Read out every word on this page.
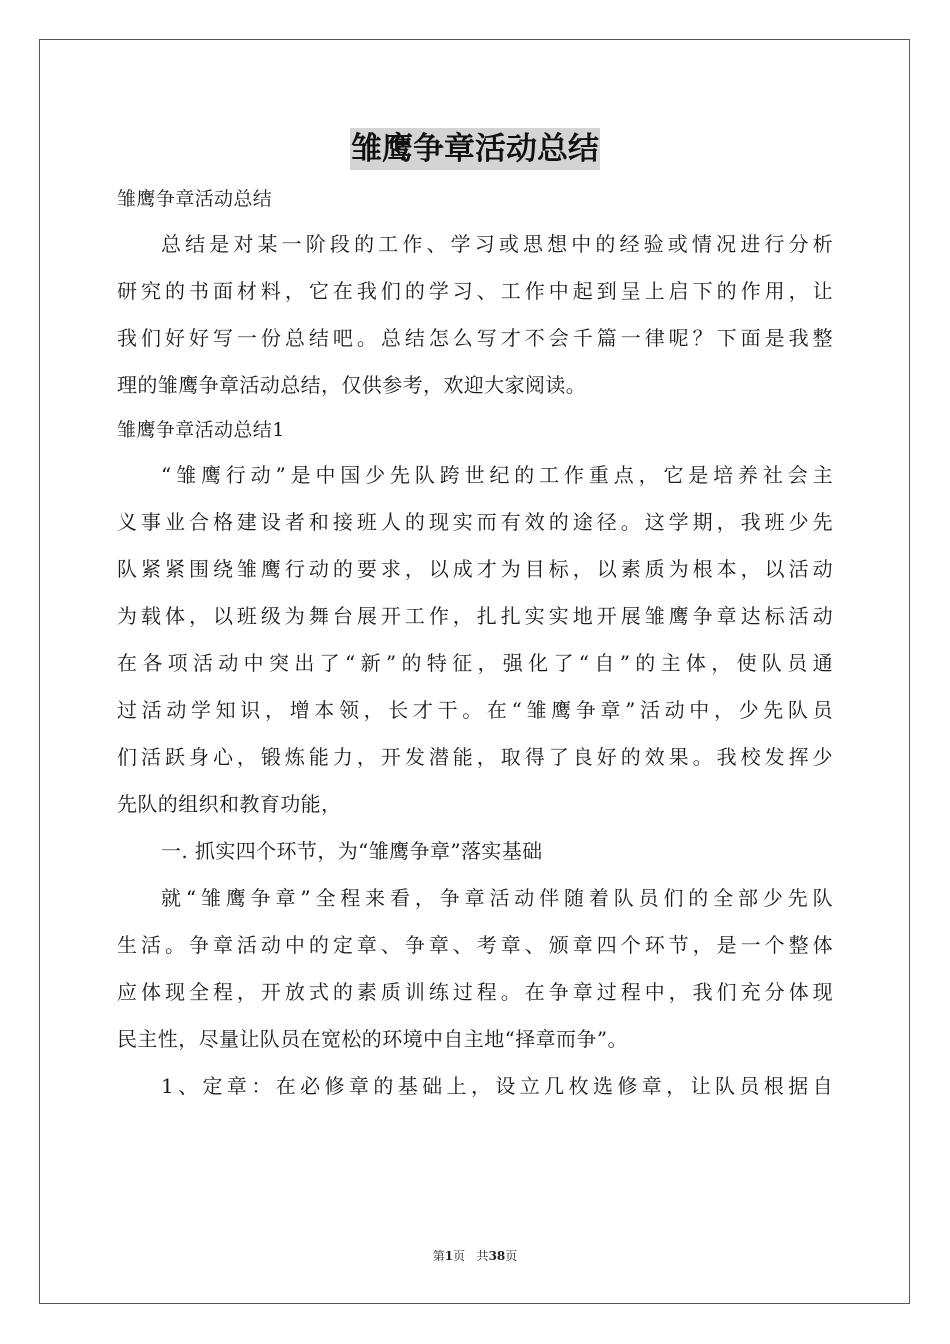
雏鹰争章活动总结
雏鹰争章活动总结
总结是对某一阶段的工作、学习或思想中的经验或情况进行分析
研究的书面材料，它在我们的学习、工作中起到呈上启下的作用，让
我们好好写一份总结吧。总结怎么写才不会千篇一律呢？下面是我整
理的雏鹰争章活动总结，仅供参考，欢迎大家阅读。
雏鹰争章活动总结1
“雏鹰行动”是中国少先队跨世纪的工作重点，它是培养社会主
义事业合格建设者和接班人的现实而有效的途径。这学期，我班少先
队紧紧围绕雏鹰行动的要求，以成才为目标，以素质为根本，以活动
为载体，以班级为舞台展开工作，扎扎实实地开展雏鹰争章达标活动
在各项活动中突出了“新”的特征，强化了“自”的主体，使队员通
过活动学知识，增本领，长才干。在“雏鹰争章”活动中，少先队员
们活跃身心，锻炼能力，开发潜能，取得了良好的效果。我校发挥少
先队的组织和教育功能，
一. 抓实四个环节，为“雏鹰争章”落实基础
就“雏鹰争章”全程来看，争章活动伴随着队员们的全部少先队
生活。争章活动中的定章、争章、考章、颁章四个环节，是一个整体
应体现全程，开放式的素质训练过程。在争章过程中，我们充分体现
民主性，尽量让队员在宽松的环境中自主地“择章而争”。
1、定章：在必修章的基础上，设立几枚选修章，让队员根据自
第1页 共38页
